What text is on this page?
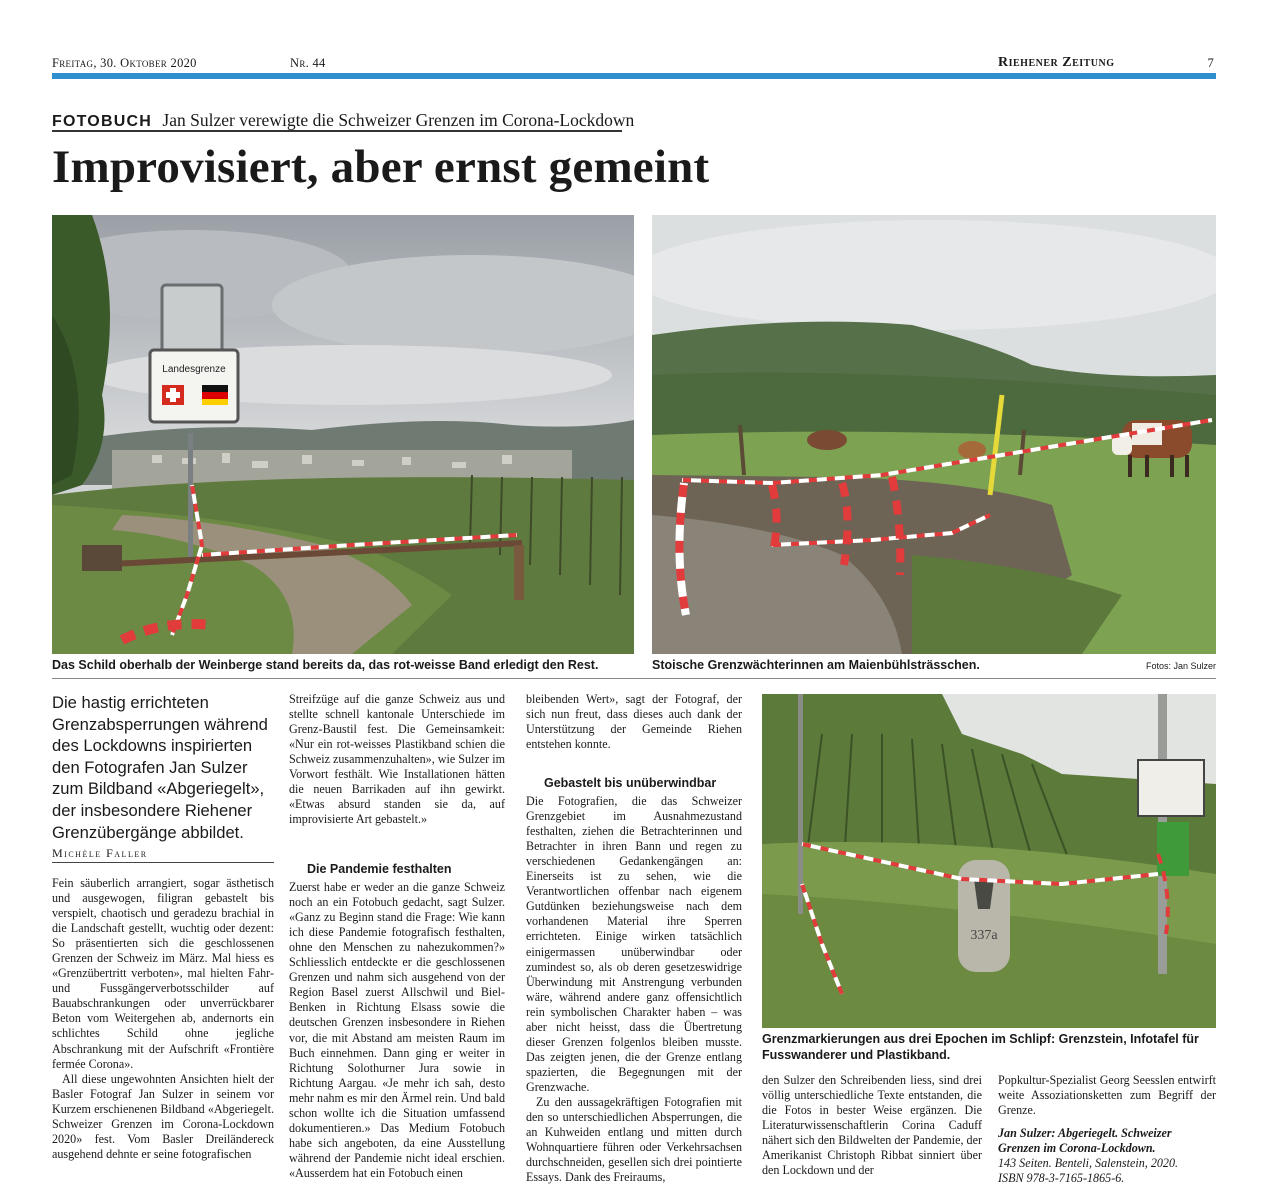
Freitag, 30. Oktober 2020	Nr. 44	Riehener Zeitung	7
FOTOBUCH Jan Sulzer verewigte die Schweizer Grenzen im Corona-Lockdown
Improvisiert, aber ernst gemeint
Landesgrenze
Das Schild oberhalb der Weinberge stand bereits da, das rot-weisse Band erledigt den Rest.	Stoische Grenzwächterinnen am Maienbühlsträsschen.	Fotos: Jan Sulzer
Die hastig errichteten Grenzabsperrungen während des Lockdowns inspirierten den Fotografen Jan Sulzer zum Bildband «Abgeriegelt», der insbesondere Riehener Grenzübergänge abbildet.
Michèle Faller

Fein säuberlich arrangiert, sogar ästhetisch und ausgewogen, filigran gebastelt bis verspielt, chaotisch und geradezu brachial in die Landschaft gestellt, wuchtig oder dezent: So präsentierten sich die geschlossenen Grenzen der Schweiz im März. Mal hiess es «Grenzübertritt verboten», mal hielten Fahr- und Fussgängerverbotsschilder auf Bauabschrankungen oder unverrückbarer Beton vom Weitergehen ab, andernorts ein schlichtes Schild ohne jegliche Abschrankung mit der Aufschrift «Frontière fermée Corona».

All diese ungewohnten Ansichten hielt der Basler Fotograf Jan Sulzer in seinem vor Kurzem erschienenen Bildband «Abgeriegelt. Schweizer Grenzen im Corona-Lockdown 2020» fest. Vom Basler Dreiländereck ausgehend dehnte er seine fotografischen

Streifzüge auf die ganze Schweiz aus und stellte schnell kantonale Unterschiede im Grenz-Baustil fest. Die Gemeinsamkeit: «Nur ein rot-weisses Plastikband schien die Schweiz zusammenzuhalten», wie Sulzer im Vorwort festhält. Wie Installationen hätten die neuen Barrikaden auf ihn gewirkt. «Etwas absurd standen sie da, auf improvisierte Art gebastelt.»

Die Pandemie festhalten

Zuerst habe er weder an die ganze Schweiz noch an ein Fotobuch gedacht, sagt Sulzer. «Ganz zu Beginn stand die Frage: Wie kann ich diese Pandemie fotografisch festhalten, ohne den Menschen zu nahezukommen?» Schliesslich entdeckte er die geschlossenen Grenzen und nahm sich ausgehend von der Region Basel zuerst Allschwil und Biel-Benken in Richtung Elsass sowie die deutschen Grenzen insbesondere in Riehen vor, die mit Abstand am meisten Raum im Buch einnehmen. Dann ging er weiter in Richtung Solothurner Jura sowie in Richtung Aargau. «Je mehr ich sah, desto mehr nahm es mir den Ärmel rein. Und bald schon wollte ich die Situation umfassend dokumentieren.» Das Medium Fotobuch habe sich angeboten, da eine Ausstellung während der Pandemie nicht ideal erschien. «Ausserdem hat ein Fotobuch einen

bleibenden Wert», sagt der Fotograf, der sich nun freut, dass dieses auch dank der Unterstützung der Gemeinde Riehen entstehen konnte.

Gebastelt bis unüberwindbar

Die Fotografien, die das Schweizer Grenzgebiet im Ausnahmezustand festhalten, ziehen die Betrachterinnen und Betrachter in ihren Bann und regen zu verschiedenen Gedankengängen an: Einerseits ist zu sehen, wie die Verantwortlichen offenbar nach eigenem Gutdünken beziehungsweise nach dem vorhandenen Material ihre Sperren errichteten. Einige wirken tatsächlich einigermassen unüberwindbar oder zumindest so, als ob deren gesetzeswidrige Überwindung mit Anstrengung verbunden wäre, während andere ganz offensichtlich rein symbolischen Charakter haben – was aber nicht heisst, dass die Übertretung dieser Grenzen folgenlos bleiben musste. Das zeigten jenen, die der Grenze entlang spazierten, die Begegnungen mit der Grenzwache.

Zu den aussagekräftigen Fotografien mit den so unterschiedlichen Absperrungen, die an Kuhweiden entlang und mitten durch Wohnquartiere führen oder Verkehrsachsen durchschneiden, gesellen sich drei pointierte Essays. Dank des Freiraums,

337a
Grenzmarkierungen aus drei Epochen im Schlipf: Grenzstein, Infotafel für Fusswanderer und Plastikband.

den Sulzer den Schreibenden liess, sind drei völlig unterschiedliche Texte entstanden, die die Fotos in bester Weise ergänzen. Die Literaturwissenschaftlerin Corina Caduff nähert sich den Bildwelten der Pandemie, der Amerikanist Christoph Ribbat sinniert über den Lockdown und der

Popkultur-Spezialist Georg Seesslen entwirft weite Assoziationsketten zum Begriff der Grenze.

Jan Sulzer: Abgeriegelt. Schweizer Grenzen im Corona-Lockdown.
143 Seiten. Benteli, Salenstein, 2020.
ISBN 978-3-7165-1865-6.
